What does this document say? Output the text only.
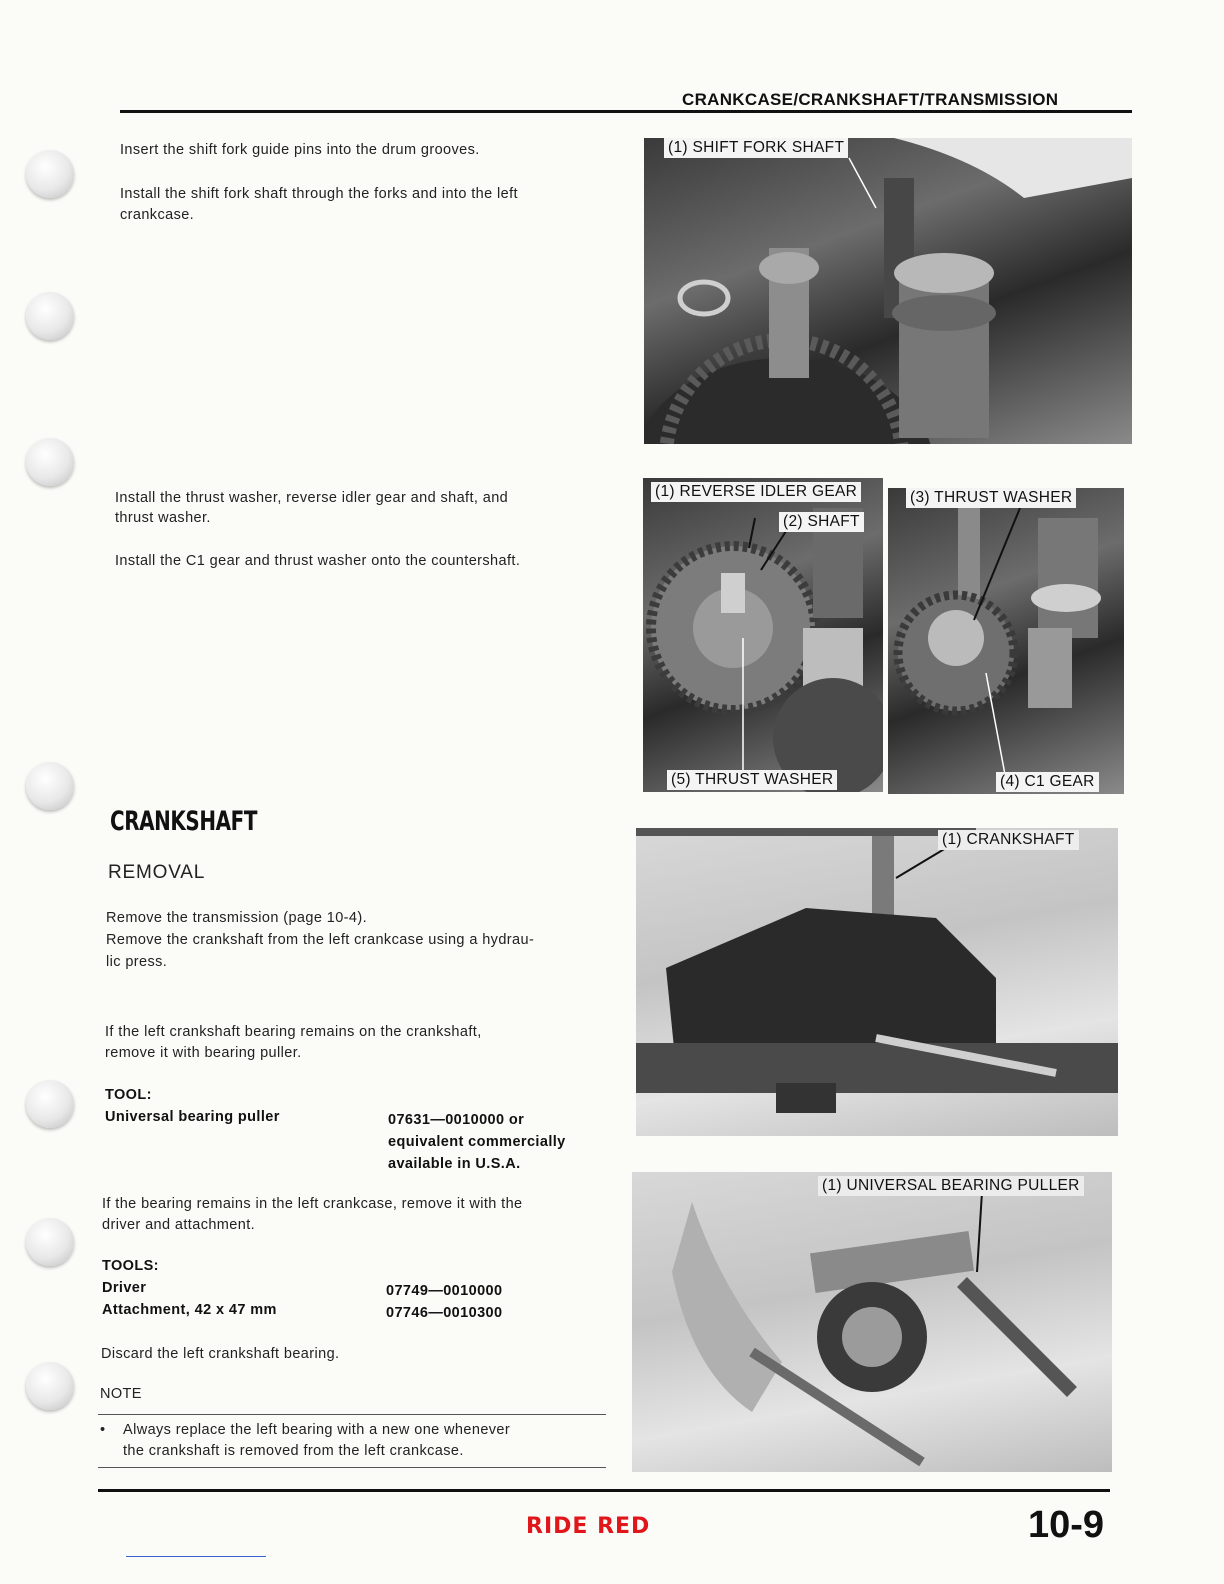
CRANKCASE/CRANKSHAFT/TRANSMISSION
Insert the shift fork guide pins into the drum grooves.
Install the shift fork shaft through the forks and into the left
crankcase.
Install the thrust washer, reverse idler gear and shaft, and
thrust washer.
Install the C1 gear and thrust washer onto the countershaft.
(1) SHIFT FORK SHAFT
(1) REVERSE IDLER GEAR
(2) SHAFT
(5) THRUST WASHER
(3) THRUST WASHER
(4) C1 GEAR
CRANKSHAFT
REMOVAL
Remove the transmission (page 10-4).
Remove the crankshaft from the left crankcase using a hydrau-
lic press.
If the left crankshaft bearing remains on the crankshaft,
remove it with bearing puller.
TOOL:
Universal bearing puller	07631—0010000 or
equivalent commercially
available in U.S.A.
If the bearing remains in the left crankcase, remove it with the
driver and attachment.
TOOLS:
Driver	07749—0010000
Attachment, 42 x 47 mm	07746—0010300
Discard the left crankshaft bearing.
NOTE
• Always replace the left bearing with a new one whenever
the crankshaft is removed from the left crankcase.
(1) CRANKSHAFT
(1) UNIVERSAL BEARING PULLER
RIDE RED	10-9
